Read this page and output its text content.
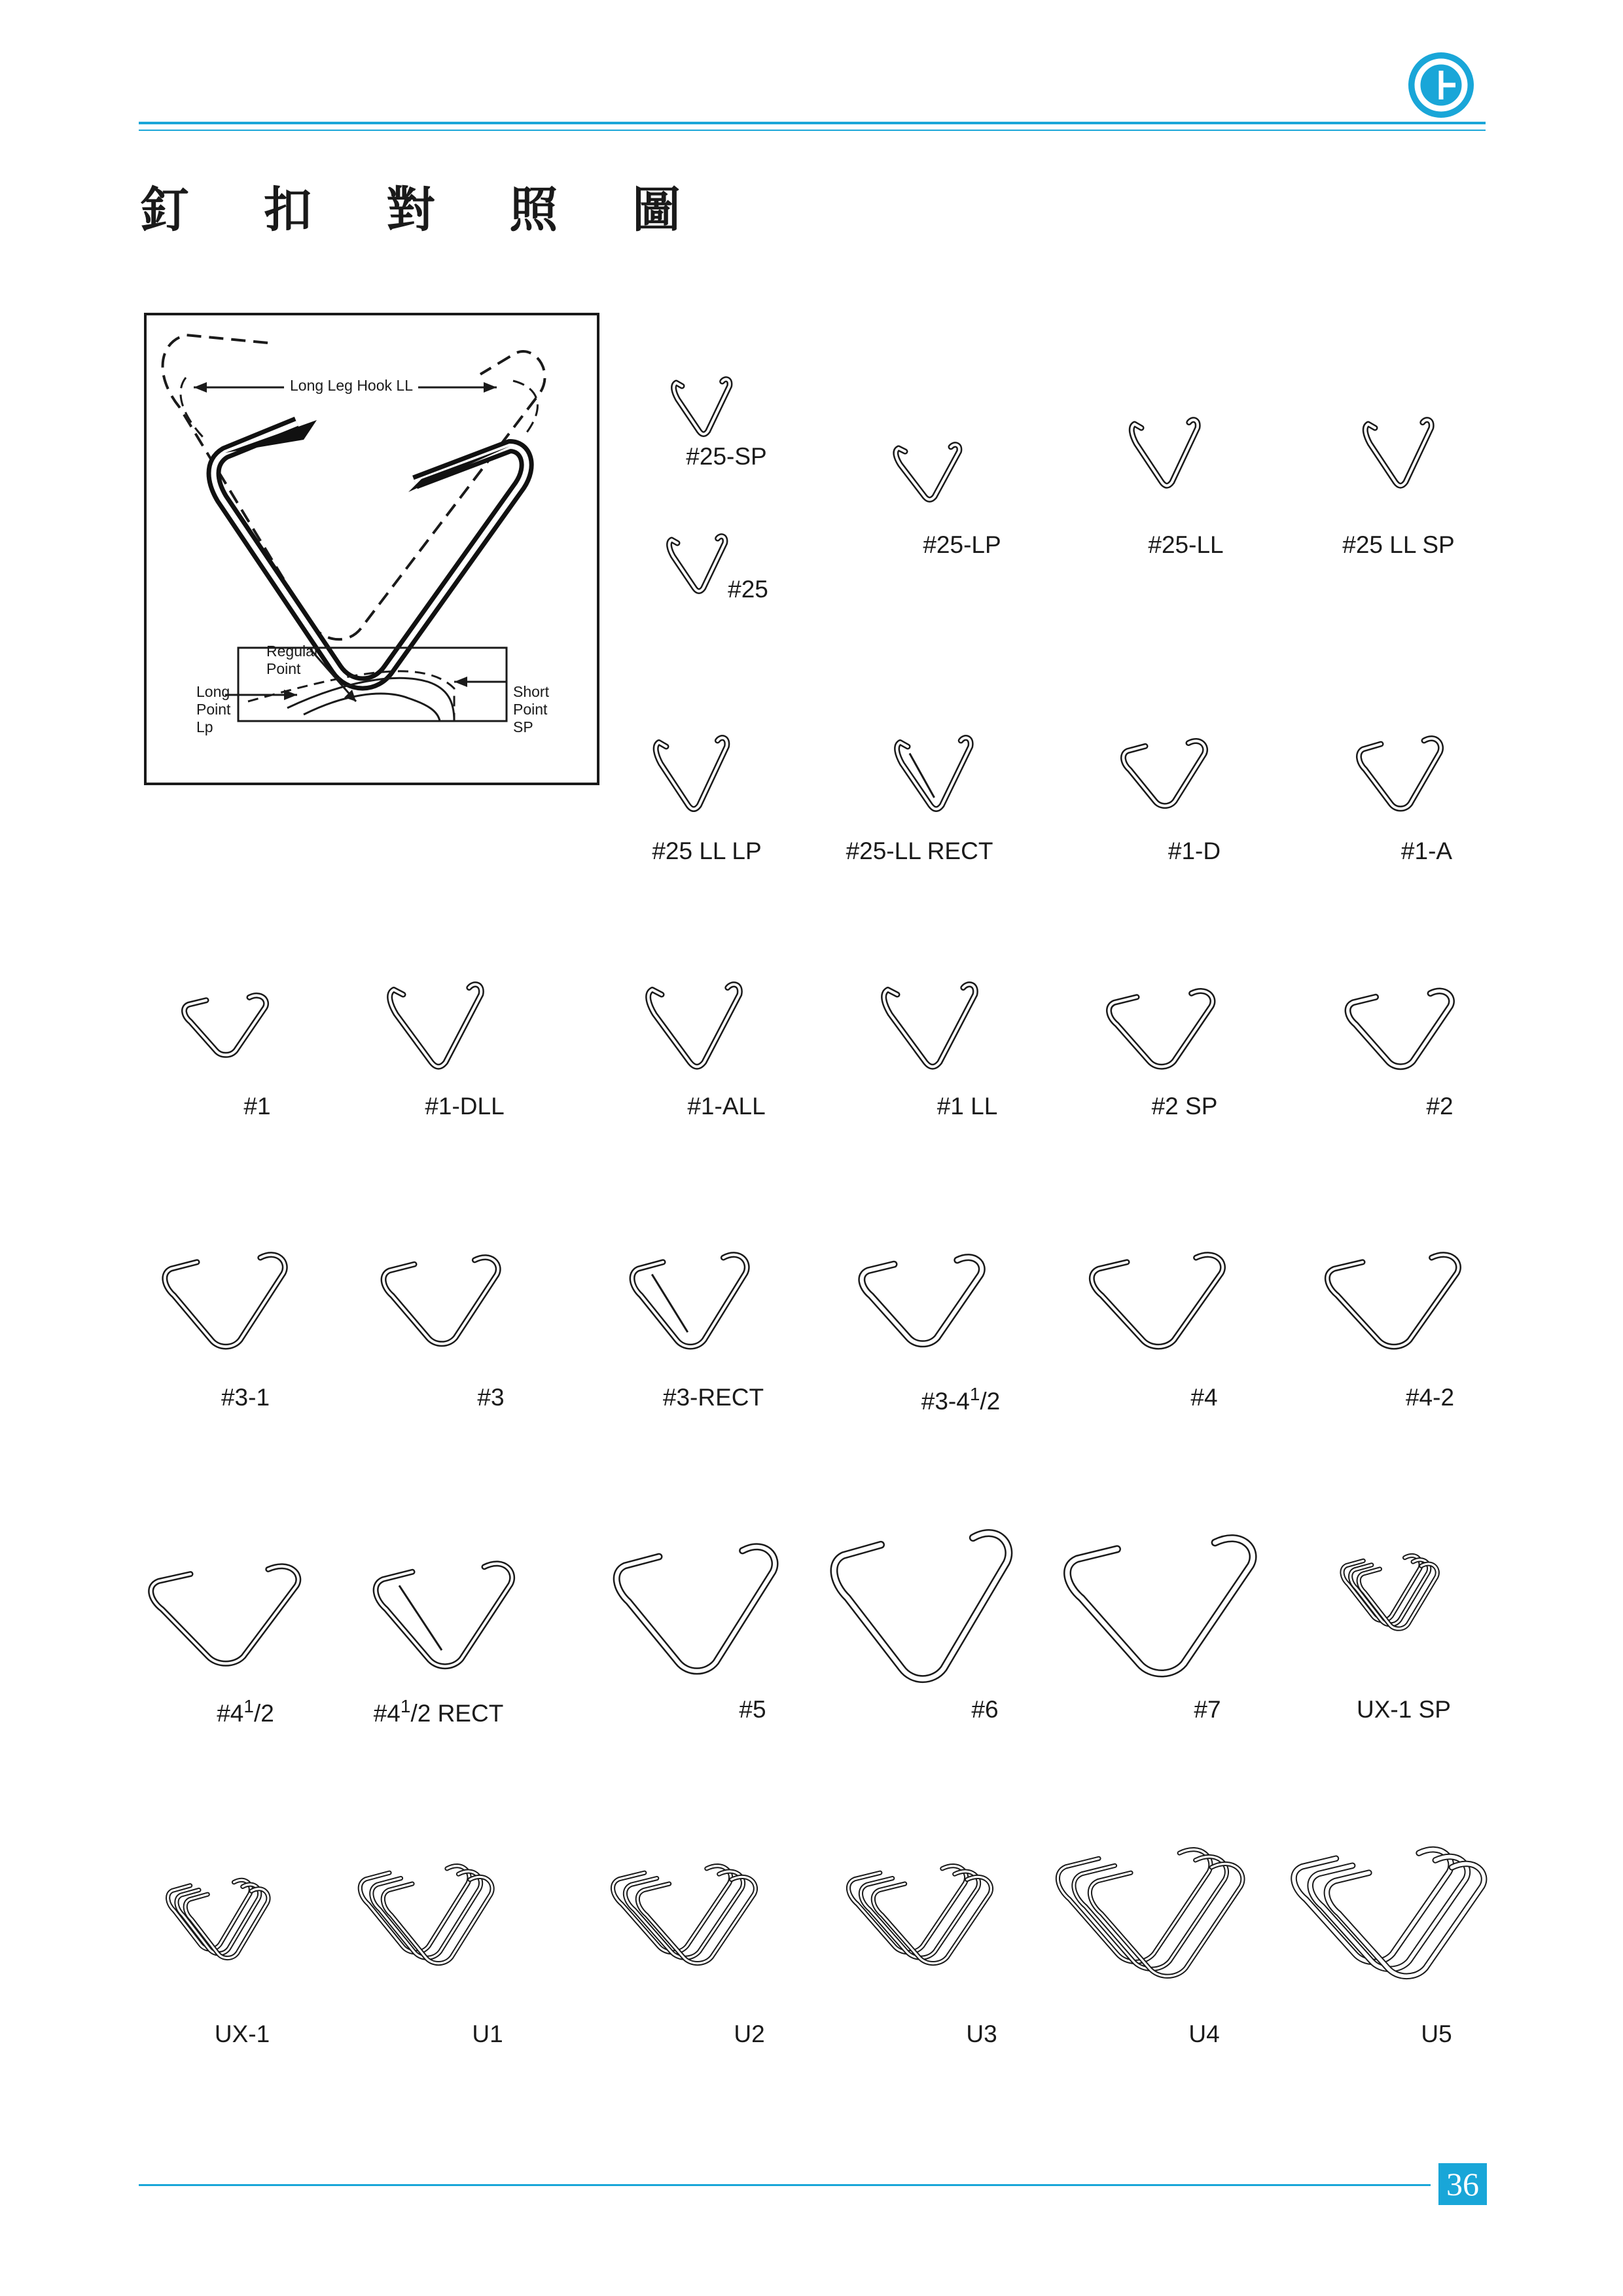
釘 扣 對 照 圖
Long Leg Hook LL
Regular
Point
Long
Point
Lp
Short
Point
SP
#25-SP
#25
#25-LP	#25-LL	#25 LL SP
#25 LL LP	#25-LL RECT	#1-D	#1-A
#1	#1-DLL	#1-ALL	#1 LL	#2 SP	#2
#3-1	#3	#3-RECT	$\#3-4^1/2$	#4	#4-2
$\#4^1/2$	$\#4^1/2$ RECT	#5	#6	#7	UX-1 SP
UX-1	U1	U2	U3	U4	U5
36
